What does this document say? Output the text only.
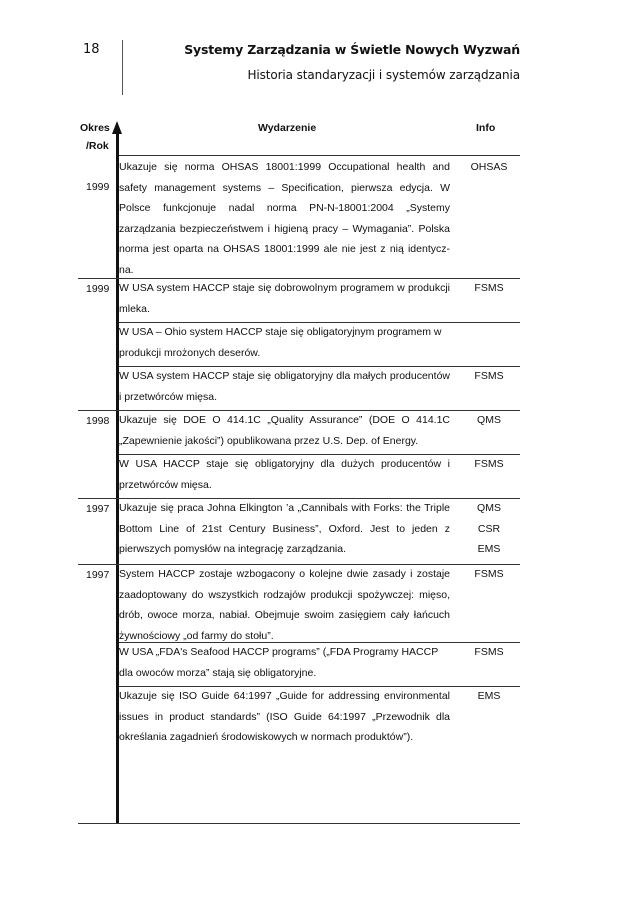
18	Systemy Zarządzania w Świetle Nowych Wyzwań
Historia standaryzacji i systemów zarządzania
Okres
/Rok
Wydarzenie	Info
1999
Ukazuje się norma OHSAS 18001:1999 Occupational health and safety management systems – Specification, pierwsza edycja. W Polsce funkcjonuje nadal norma PN-N-18001:2004 „Systemy zarządzania bezpieczeństwem i higieną pracy – Wymagania”. Polska norma jest oparta na OHSAS 18001:1999 ale nie jest z nią identycz-na.
OHSAS
1999 W USA system HACCP staje się dobrowolnym programem w produkcji mleka.
FSMS
W USA – Ohio system HACCP staje się obligatoryjnym programem w produkcji mrożonych deserów.
W USA system HACCP staje się obligatoryjny dla małych producentów i przetwórców mięsa.
FSMS
1998 Ukazuje się DOE O 414.1C „Quality Assurance” (DOE O 414.1C „Zapewnienie jakości”) opublikowana przez U.S. Dep. of Energy.
QMS
W USA HACCP staje się obligatoryjny dla dużych producentów i przetwórców mięsa.
FSMS
1997 Ukazuje się praca Johna Elkington ’a „Cannibals with Forks: the Triple Bottom Line of 21st Century Business”, Oxford. Jest to jeden z pierwszych pomysłów na integrację zarządzania.
QMS
CSR
EMS
1997 System HACCP zostaje wzbogacony o kolejne dwie zasady i zostaje zaadoptowany do wszystkich rodzajów produkcji spożywczej: mięso, drób, owoce morza, nabiał. Obejmuje swoim zasięgiem cały łańcuch żywnościowy „od farmy do stołu”.
FSMS
W USA „FDA's Seafood HACCP programs” („FDA Programy HACCP dla owoców morza” stają się obligatoryjne.
FSMS
Ukazuje się ISO Guide 64:1997 „Guide for addressing environmental issues in product standards” (ISO Guide 64:1997 „Przewodnik dla określania zagadnień środowiskowych w normach produktów”).
EMS
